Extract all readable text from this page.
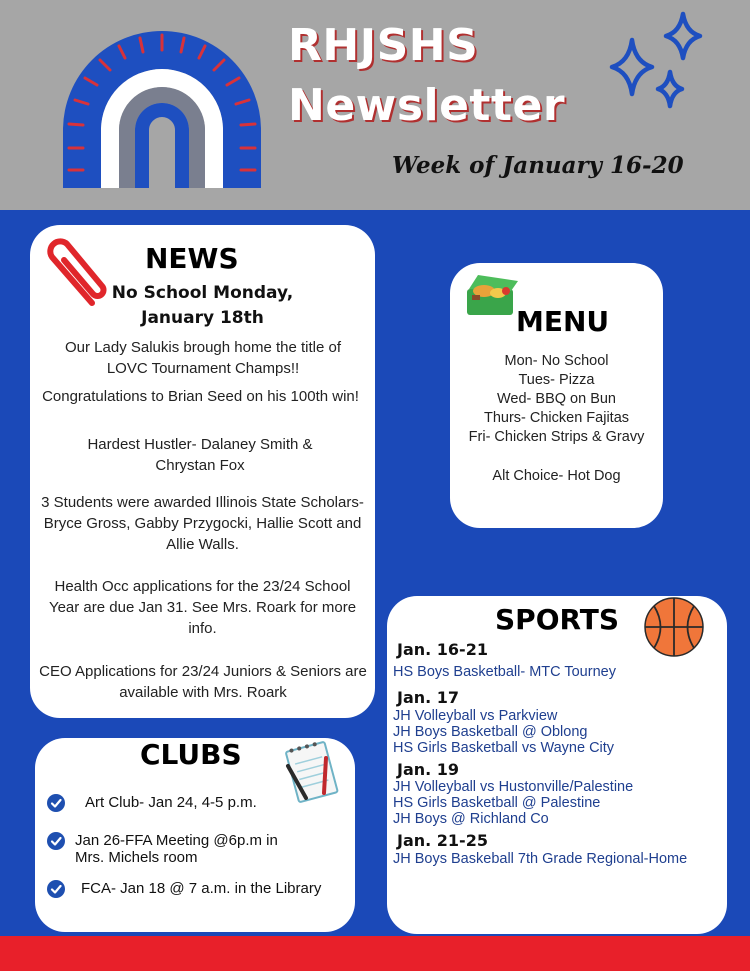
RHJSHS
Newsletter
Week of January 16-20
NEWS
No School Monday,
January 18th
Our Lady Salukis brough home the title of LOVC Tournament Champs!!
Congratulations to Brian Seed on his 100th win!
Hardest Hustler- Dalaney Smith & Chrystan Fox
3 Students were awarded Illinois State Scholars- Bryce Gross, Gabby Przygocki, Hallie Scott and Allie Walls.
Health Occ applications for the 23/24 School Year are due Jan 31. See Mrs. Roark for more info.
CEO Applications for 23/24 Juniors & Seniors are available with Mrs. Roark
MENU
Mon- No School
Tues- Pizza
Wed- BBQ on Bun
Thurs- Chicken Fajitas
Fri- Chicken Strips & Gravy
Alt Choice- Hot Dog
CLUBS
Art Club- Jan 24, 4-5 p.m.
Jan 26-FFA Meeting @6p.m in Mrs. Michels room
FCA- Jan 18 @ 7 a.m. in the Library
SPORTS
Jan. 16-21
HS Boys Basketball- MTC Tourney
Jan. 17
JH Volleyball vs Parkview
JH Boys Basketball @ Oblong
HS Girls Basketball vs Wayne City
Jan. 19
JH Volleyball vs Hustonville/Palestine
HS Girls Basketball @ Palestine
JH Boys @ Richland Co
Jan. 21-25
JH Boys Baskeball 7th Grade Regional-Home
